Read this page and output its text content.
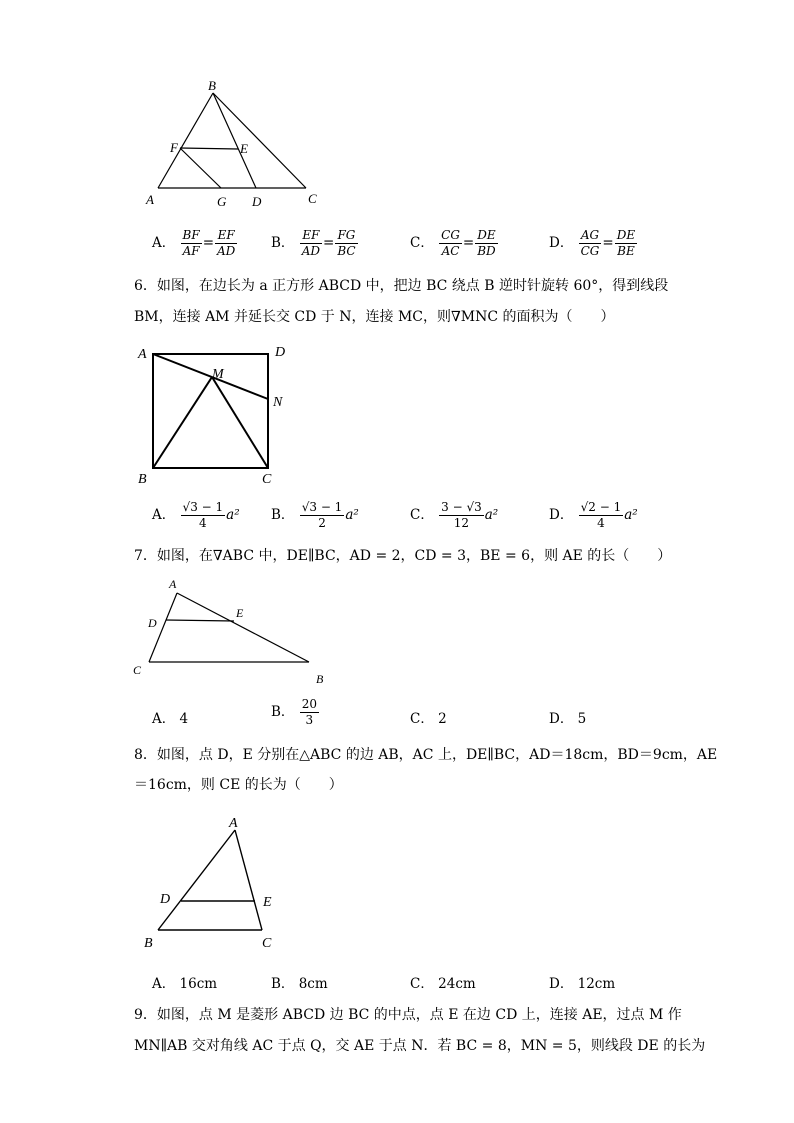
B
F	E
A	G D	C
A． $\frac{BF}{AF} = \frac{EF}{AD}$ B． $\frac{EF}{AD} = \frac{FG}{BC}$	C． $\frac{CG}{AC} = \frac{DE}{BD}$	D． $\frac{AG}{CG} = \frac{DE}{BE}$
6．如图，在边长为 a 正方形 ABCD 中，把边 BC 绕点 B 逆时针旋转 60°，得到线段
BM，连接 AM 并延长交 CD 于 N，连接 MC，则∇MNC 的面积为（　　）
A	D
M
N
B	C
A． $\frac{√3 - 1}{4} a^2$ B． $\frac{√3 - 1}{2} a^2$	C． $\frac{3 - √3}{12} a^2$	D． $\frac{√2 - 1}{4} a^2$
7．如图，在∇ABC 中，DE∥BC，AD = 2，CD = 3，BE = 6，则 AE 的长（　　）
A
D
E
C
B
A． 4	B． $\frac{20}{3}$	C． 2	D． 5
8．如图，点 D，E 分别在△ABC 的边 AB，AC 上，DE∥BC，AD＝18cm，BD＝9cm，AE
＝16cm，则 CE 的长为（　　）
A
D	E
B	C
A． 16cm	B． 8cm	C． 24cm	D． 12cm
9．如图，点 M 是菱形 ABCD 边 BC 的中点，点 E 在边 CD 上，连接 AE，过点 M 作
MN∥AB 交对角线 AC 于点 Q，交 AE 于点 N．若 BC = 8，MN = 5，则线段 DE 的长为
